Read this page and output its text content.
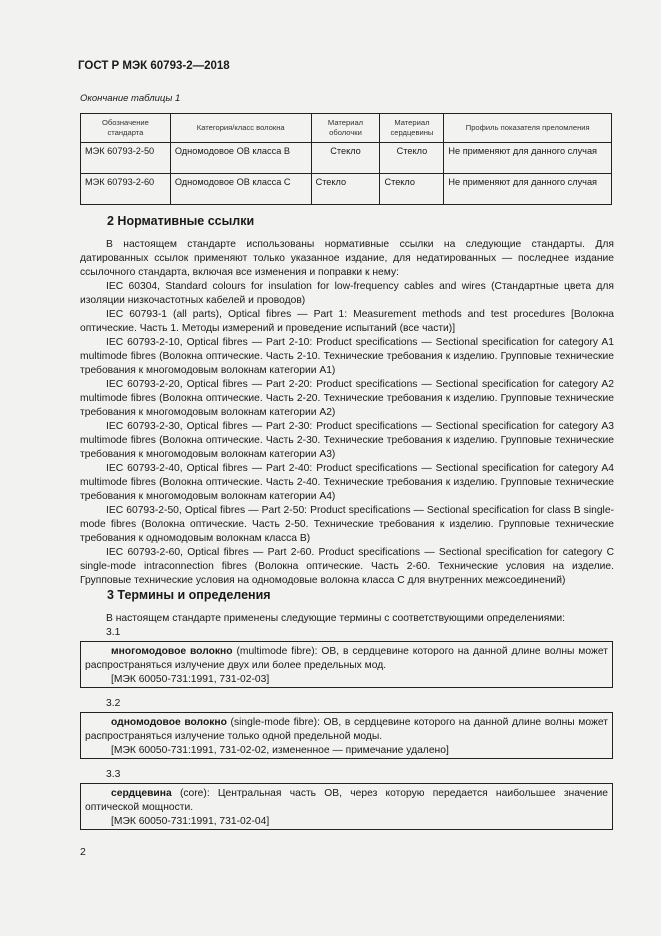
ГОСТ Р МЭК 60793-2—2018
Окончание таблицы 1
Обозначение стандарта	Категория/класс волокна	Материал оболочки	Материал сердцевины	Профиль показателя преломления
МЭК 60793-2-50	Одномодовое ОВ класса В	Стекло	Стекло	Не применяют для данного случая
МЭК 60793-2-60	Одномодовое ОВ класса С	Стекло	Стекло	Не применяют для данного случая
2 Нормативные ссылки
В настоящем стандарте использованы нормативные ссылки на следующие стандарты. Для датированных ссылок применяют только указанное издание, для недатированных — последнее издание ссылочного стандарта, включая все изменения и поправки к нему:
IEC 60304, Standard colours for insulation for low-frequency cables and wires (Стандартные цвета для изоляции низкочастотных кабелей и проводов)
IEC 60793-1 (all parts), Optical fibres — Part 1: Measurement methods and test procedures [Волокна оптические. Часть 1. Методы измерений и проведение испытаний (все части)]
IEC 60793-2-10, Optical fibres — Part 2-10: Product specifications — Sectional specification for category A1 multimode fibres (Волокна оптические. Часть 2-10. Технические требования к изделию. Групповые технические требования к многомодовым волокнам категории A1)
IEC 60793-2-20, Optical fibres — Part 2-20: Product specifications — Sectional specification for category A2 multimode fibres (Волокна оптические. Часть 2-20. Технические требования к изделию. Групповые технические требования к многомодовым волокнам категории A2)
IEC 60793-2-30, Optical fibres — Part 2-30: Product specifications — Sectional specification for category A3 multimode fibres (Волокна оптические. Часть 2-30. Технические требования к изделию. Групповые технические требования к многомодовым волокнам категории A3)
IEC 60793-2-40, Optical fibres — Part 2-40: Product specifications — Sectional specification for category A4 multimode fibres (Волокна оптические. Часть 2-40. Технические требования к изделию. Групповые технические требования к многомодовым волокнам категории A4)
IEC 60793-2-50, Optical fibres — Part 2-50: Product specifications — Sectional specification for class B single-mode fibres (Волокна оптические. Часть 2-50. Технические требования к изделию. Групповые технические требования к одномодовым волокнам класса В)
IEC 60793-2-60, Optical fibres — Part 2-60. Product specifications — Sectional specification for category C single-mode intraconnection fibres (Волокна оптические. Часть 2-60. Технические условия на изделие. Групповые технические условия на одномодовые волокна класса С для внутренних межсоединений)
3 Термины и определения
В настоящем стандарте применены следующие термины с соответствующими определениями:
3.1
многомодовое волокно (multimode fibre): ОВ, в сердцевине которого на данной длине волны может распространяться излучение двух или более предельных мод.
[МЭК 60050-731:1991, 731-02-03]
3.2
одномодовое волокно (single-mode fibre): ОВ, в сердцевине которого на данной длине волны может распространяться излучение только одной предельной моды.
[МЭК 60050-731:1991, 731-02-02, измененное — примечание удалено]
3.3
сердцевина (core): Центральная часть ОВ, через которую передается наибольшее значение оптической мощности.
[МЭК 60050-731:1991, 731-02-04]
2
